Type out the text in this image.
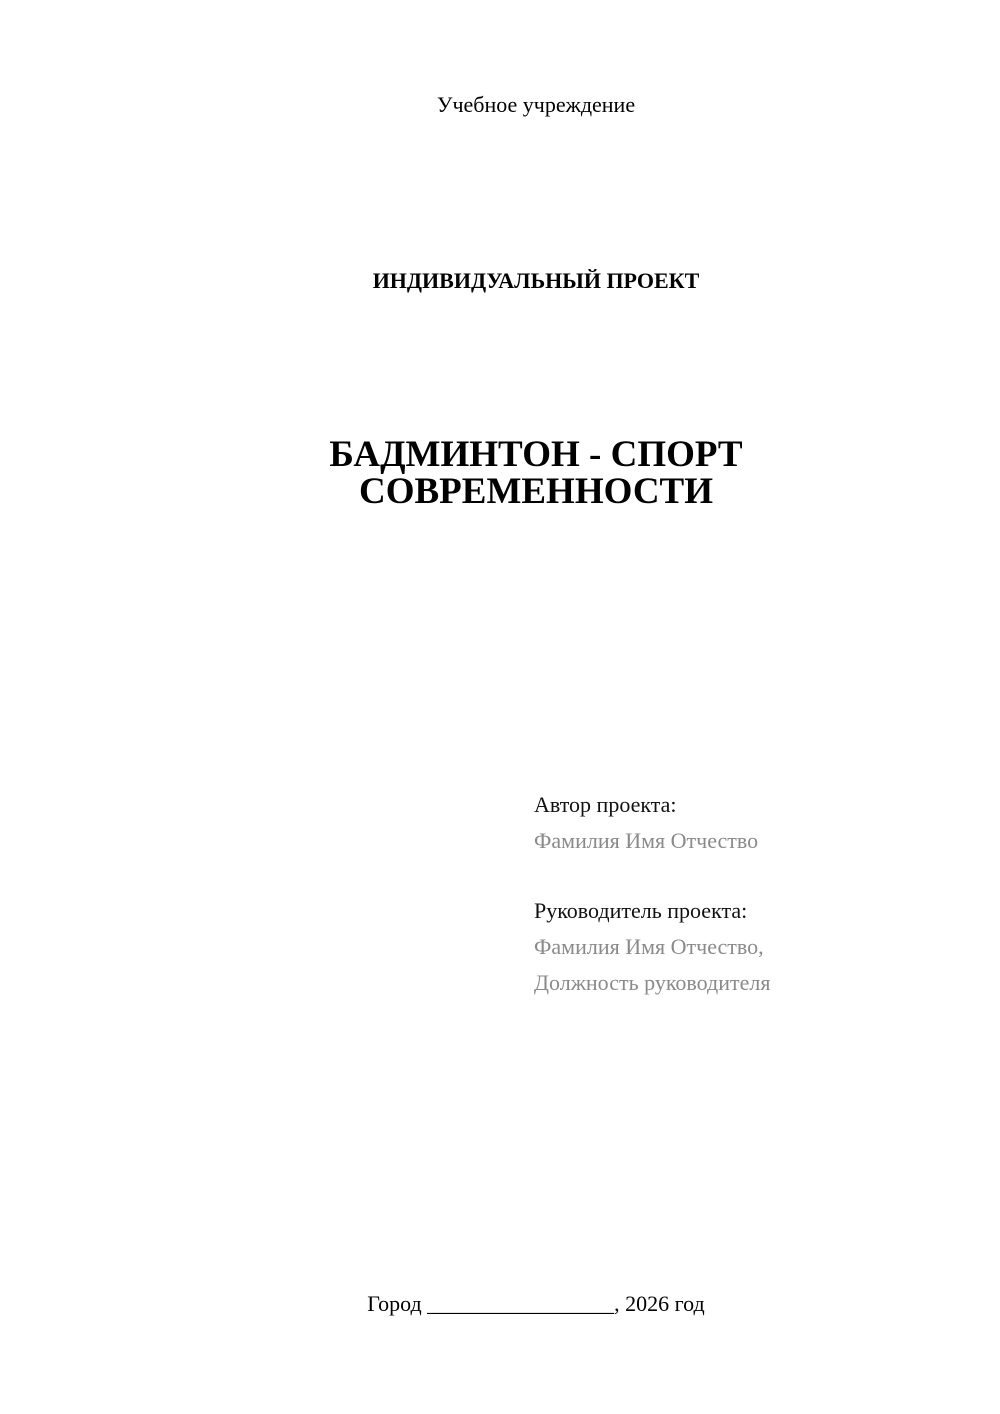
Учебное учреждение
ИНДИВИДУАЛЬНЫЙ ПРОЕКТ
БАДМИНТОН - СПОРТ
СОВРЕМЕННОСТИ
Автор проекта:
Фамилия Имя Отчество
Руководитель проекта:
Фамилия Имя Отчество,
Должность руководителя
Город _________________, 2026 год
